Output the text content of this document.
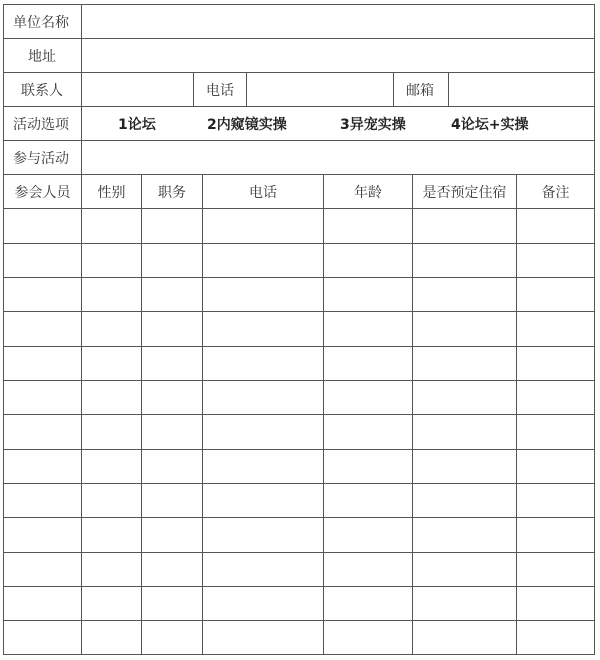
单位名称
地址
联系人	电话	邮箱
活动选项	1论坛	2内窥镜实操	3异宠实操	4论坛+实操
参与活动
参会人员	性别	职务	电话	年龄	是否预定住宿	备注
